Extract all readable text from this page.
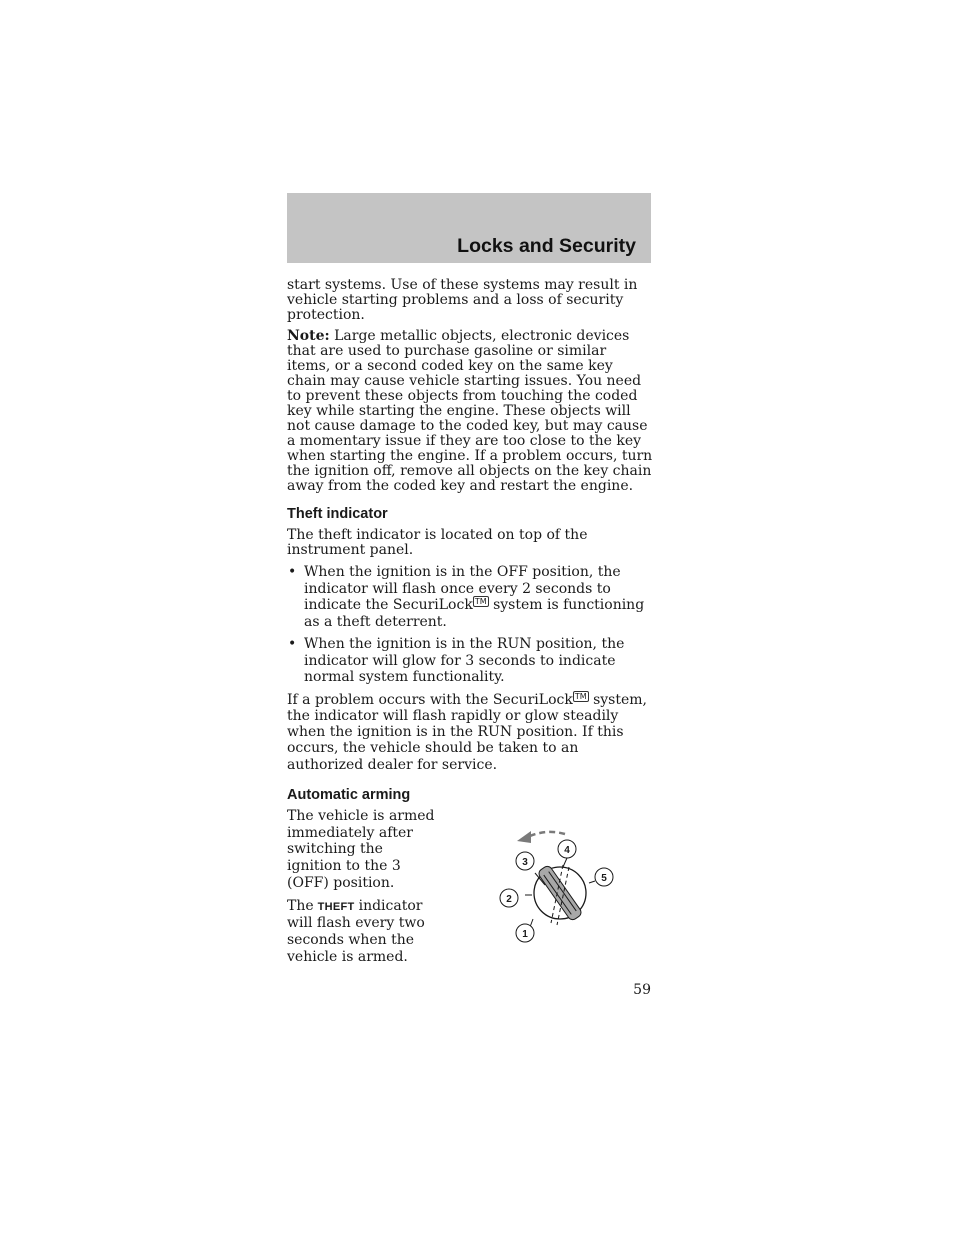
Locks and Security

start systems. Use of these systems may result in vehicle starting problems and a loss of security protection.

Note: Large metallic objects, electronic devices that are used to purchase gasoline or similar items, or a second coded key on the same key chain may cause vehicle starting issues. You need to prevent these objects from touching the coded key while starting the engine. These objects will not cause damage to the coded key, but may cause a momentary issue if they are too close to the key when starting the engine. If a problem occurs, turn the ignition off, remove all objects on the key chain away from the coded key and restart the engine.

Theft indicator

The theft indicator is located on top of the instrument panel.

• When the ignition is in the OFF position, the indicator will flash once every 2 seconds to indicate the SecuriLock ™ system is functioning as a theft deterrent.
• When the ignition is in the RUN position, the indicator will glow for 3 seconds to indicate normal system functionality.

If a problem occurs with the SecuriLock ™ system, the indicator will flash rapidly or glow steadily when the ignition is in the RUN position. If this occurs, the vehicle should be taken to an authorized dealer for service.

Automatic arming

The vehicle is armed immediately after switching the ignition to the 3 (OFF) position.

The THEFT indicator will flash every two seconds when the vehicle is armed.

3
4
5
2
1
59
